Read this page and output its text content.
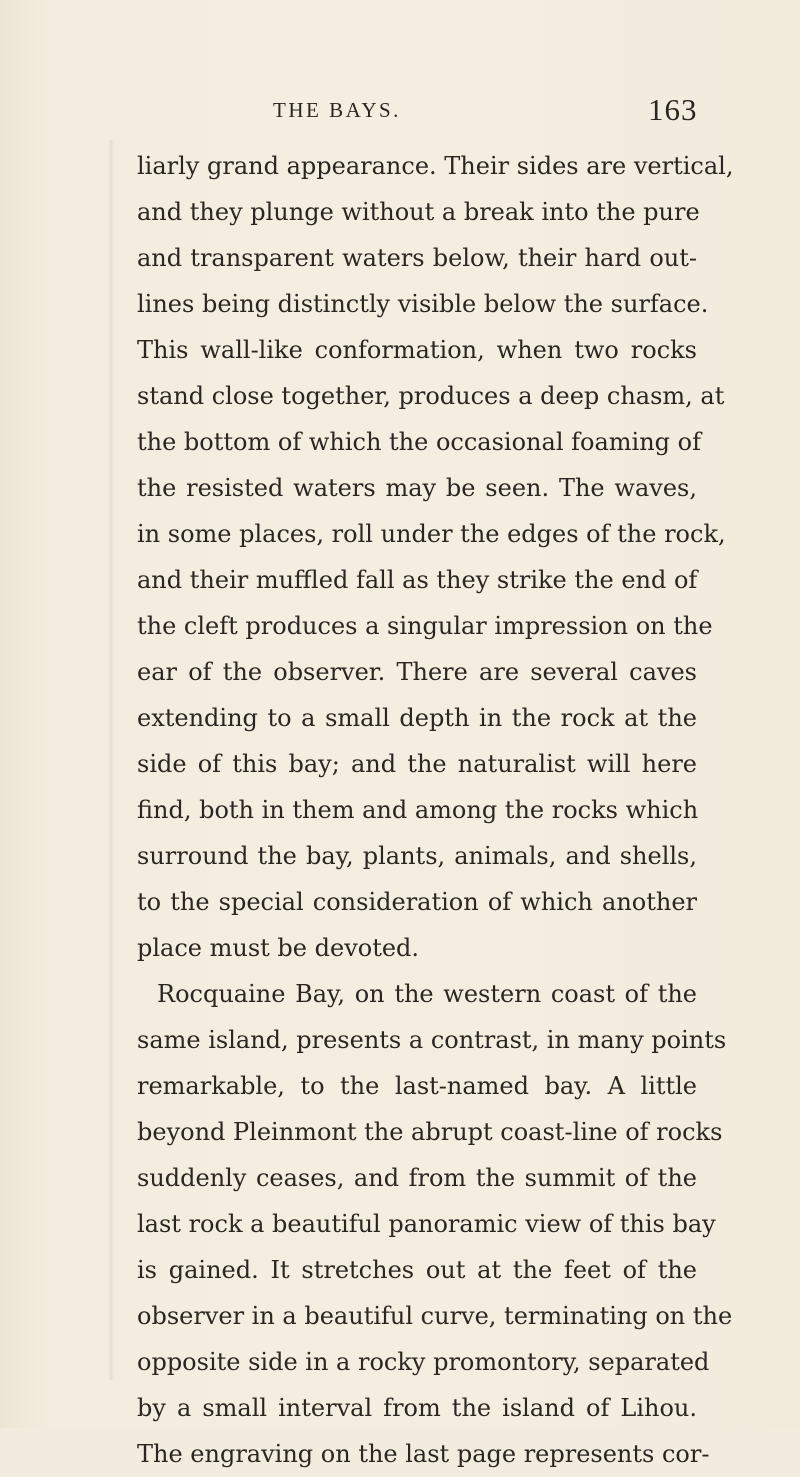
THE BAYS.	163
liarly grand appearance. Their sides are vertical,
and they plunge without a break into the pure
and transparent waters below, their hard out-
lines being distinctly visible below the surface.
This wall-like conformation, when two rocks
stand close together, produces a deep chasm, at
the bottom of which the occasional foaming of
the resisted waters may be seen. The waves,
in some places, roll under the edges of the rock,
and their muffled fall as they strike the end of
the cleft produces a singular impression on the
ear of the observer. There are several caves
extending to a small depth in the rock at the
side of this bay; and the naturalist will here
find, both in them and among the rocks which
surround the bay, plants, animals, and shells,
to the special consideration of which another
place must be devoted.
Rocquaine Bay, on the western coast of the
same island, presents a contrast, in many points
remarkable, to the last-named bay. A little
beyond Pleinmont the abrupt coast-line of rocks
suddenly ceases, and from the summit of the
last rock a beautiful panoramic view of this bay
is gained. It stretches out at the feet of the
observer in a beautiful curve, terminating on the
opposite side in a rocky promontory, separated
by a small interval from the island of Lihou.
The engraving on the last page represents cor-
